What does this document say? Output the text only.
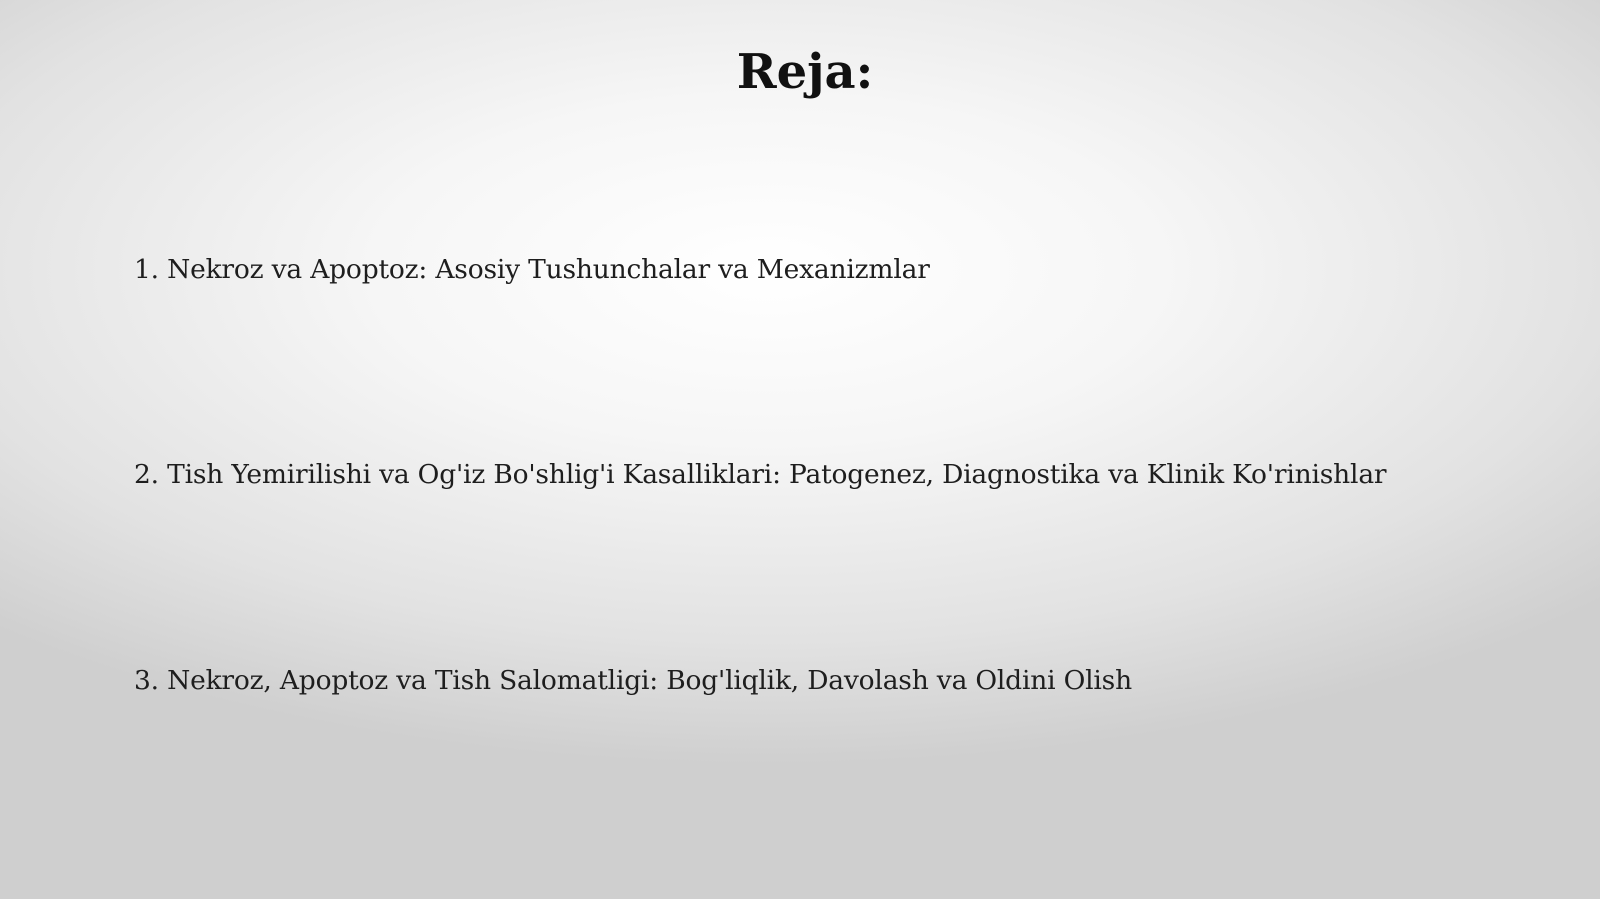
Reja:
1. Nekroz va Apoptoz: Asosiy Tushunchalar va Mexanizmlar
2. Tish Yemirilishi va Og'iz Bo'shlig'i Kasalliklari: Patogenez, Diagnostika va Klinik Ko'rinishlar
3. Nekroz, Apoptoz va Tish Salomatligi: Bog'liqlik, Davolash va Oldini Olish
